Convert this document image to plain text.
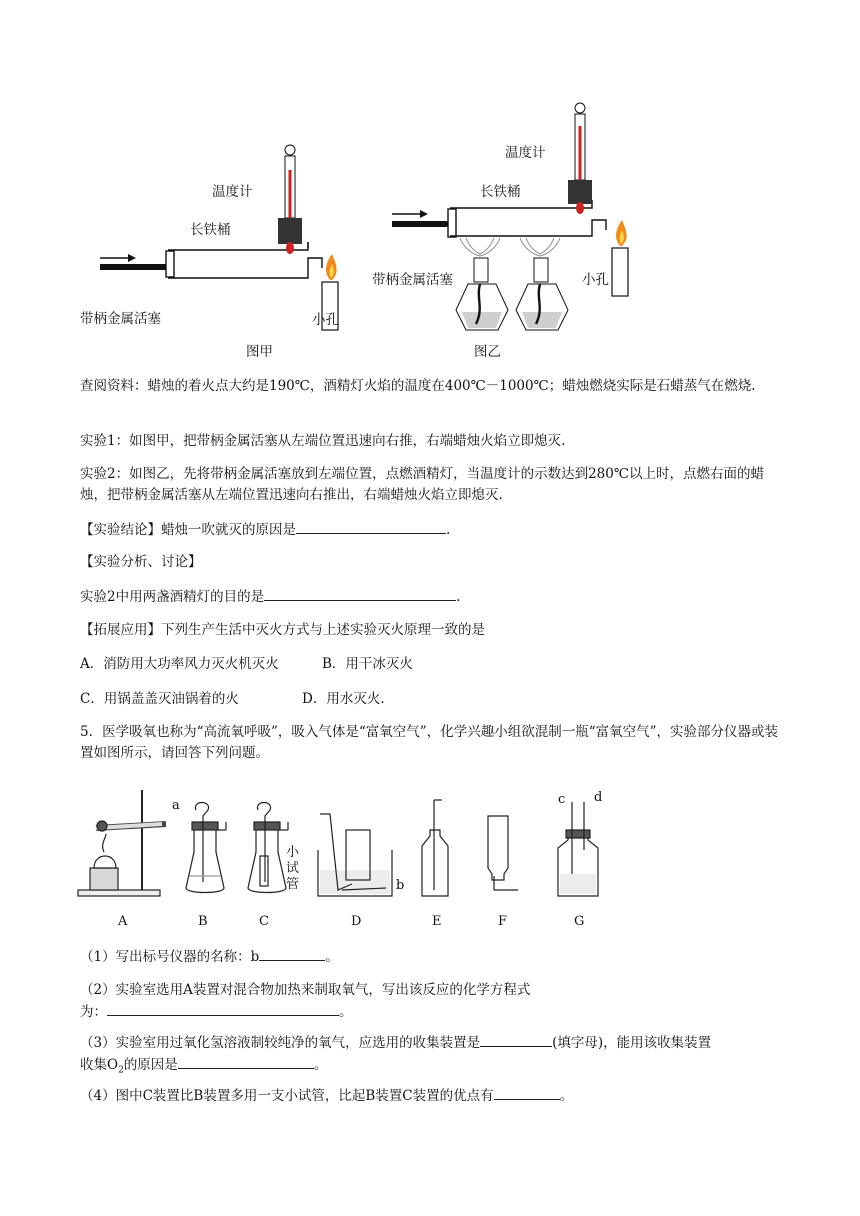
温度计
长铁桶
带柄金属活塞	小孔
图甲
温度计
长铁桶
带柄金属活塞	小孔
图乙
查阅资料：蜡烛的着火点大约是190℃，酒精灯火焰的温度在400℃－1000℃；蜡烛燃烧实际是石蜡蒸气在燃烧.
实验1：如图甲，把带柄金属活塞从左端位置迅速向右推，右端蜡烛火焰立即熄灭.
实验2：如图乙，先将带柄金属活塞放到左端位置，点燃酒精灯，当温度计的示数达到280℃以上时，点燃右面的蜡烛，把带柄金属活塞从左端位置迅速向右推出，右端蜡烛火焰立即熄灭.
【实验结论】蜡烛一吹就灭的原因是	.
【实验分析、讨论】
实验2中用两盏酒精灯的目的是	.
【拓展应用】下列生产生活中灭火方式与上述实验灭火原理一致的是
A．消防用大功率风力灭火机灭火	B．用干冰灭火
C．用锅盖盖灭油锅着的火	D．用水灭火.
5．医学吸氧也称为“高流氧呼吸”，吸入气体是“富氧空气”，化学兴趣小组欲混制一瓶“富氧空气”，实验部分仪器或装置如图所示，请回答下列问题。
a
b
c d
小试管
A	B	C	D	E	F	G
（1）写出标号仪器的名称：b	。
（2）实验室选用A装置对混合物加热来制取氧气，写出该反应的化学方程式
为：	。
（3）实验室用过氧化氢溶液制较纯净的氧气，应选用的收集装置是	(填字母)，能用该收集装置
收集$O_2$的原因是	。
（4）图中C装置比B装置多用一支小试管，比起B装置C装置的优点有	。
